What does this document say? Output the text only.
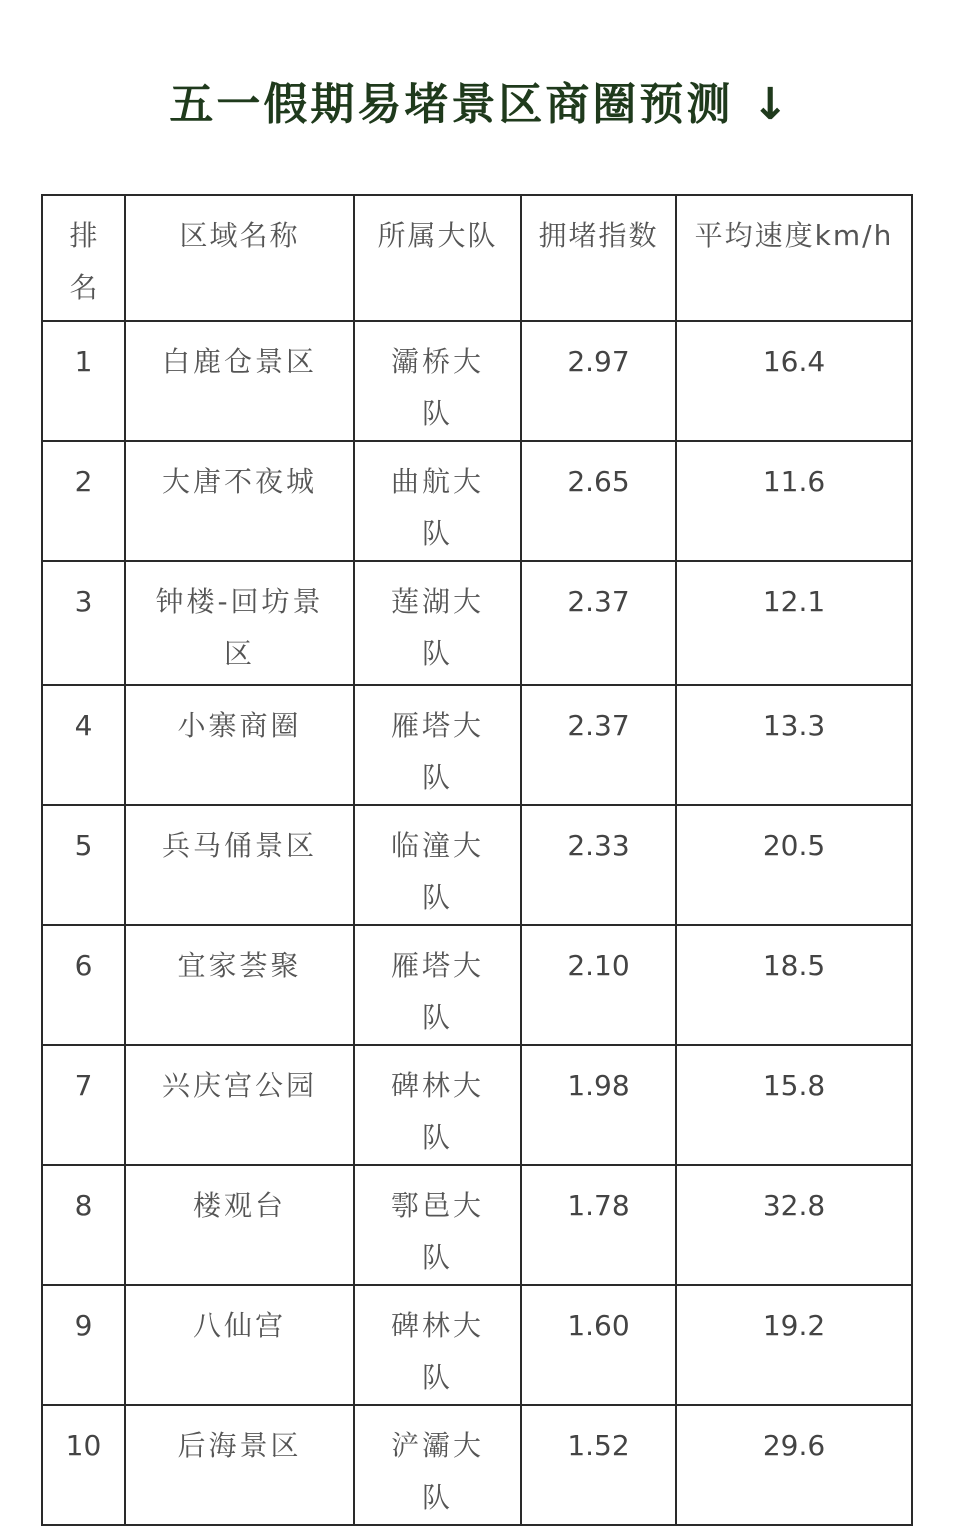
五一假期易堵景区商圈预测 ↓
排名	区域名称	所属大队	拥堵指数	平均速度km/h
1	白鹿仓景区	灞桥大队	2.97	16.4
2	大唐不夜城	曲航大队	2.65	11.6
3	钟楼-回坊景区	莲湖大队	2.37	12.1
4	小寨商圈	雁塔大队	2.37	13.3
5	兵马俑景区	临潼大队	2.33	20.5
6	宜家荟聚	雁塔大队	2.10	18.5
7	兴庆宫公园	碑林大队	1.98	15.8
8	楼观台	鄠邑大队	1.78	32.8
9	八仙宫	碑林大队	1.60	19.2
10	后海景区	浐灞大队	1.52	29.6
